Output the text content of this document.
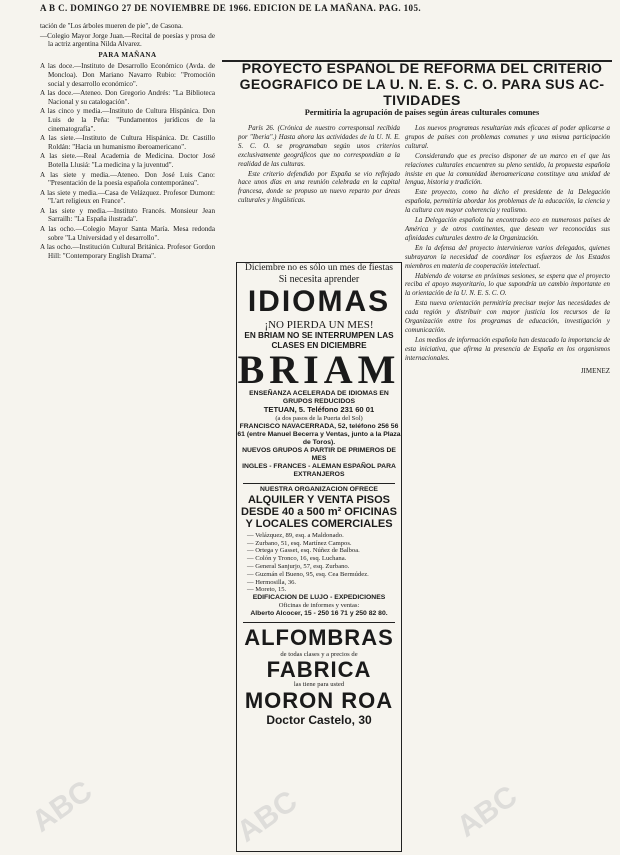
A B C. DOMINGO 27 DE NOVIEMBRE DE 1966. EDICION DE LA MAÑANA. PAG. 105.

tación de "Los árboles mueren de pie", de Casona.

—Colegio Mayor Jorge Juan.—Recital de poesías y prosa de la actriz argentina Nilda Alvarez.

PARA MAÑANA

A las doce.—Instituto de Desarrollo Económico (Avda. de Moncloa). Don Mariano Navarro Rubio: "Promoción social y desarrollo económico".

A las doce.—Ateneo. Don Gregorio Andrés: "La Biblioteca Nacional y su catalogación".

A las cinco y media.—Instituto de Cultura Hispánica. Don Luis de la Peña: "Fundamentos jurídicos de la cinematografía".

A las siete.—Instituto de Cultura Hispánica. Dr. Castillo Roldán: "Hacia un humanismo iberoamericano".

A las siete.—Real Academia de Medicina. Doctor José Botella Llusiá: "La medicina y la juventud".

A las siete y media.—Ateneo. Don José Luis Cano: "Presentación de la poesía española contemporánea".

A las siete y media.—Casa de Velázquez. Profesor Dumont: "L'art religieux en France".

A las siete y media.—Instituto Francés. Monsieur Jean Sarrailh: "La España ilustrada".

A las ocho.—Colegio Mayor Santa María. Mesa redonda sobre "La Universidad y el desarrollo".

A las ocho.—Institución Cultural Británica. Profesor Gordon Hill: "Contemporary English Drama".

PROYECTO ESPAÑOL DE REFORMA DEL CRITERIO
GEOGRAFICO DE LA U. N. E. S. C. O. PARA SUS AC-
TIVIDADES
Permitiría la agrupación de países según áreas culturales comunes

París 26. (Crónica de nuestro corresponsal recibida por "Iberia".) Hasta ahora las actividades de la U. N. E. S. C. O. se programaban según unos criterios exclusivamente geográficos que no correspondían a la realidad de las culturas.

Este criterio defendido por España se vio reflejado hace unos días en una reunión celebrada en la capital francesa, donde se propuso un nuevo reparto por áreas culturales y lingüísticas.

Los nuevos programas resultarían más eficaces al poder aplicarse a grupos de países con problemas comunes y una misma participación cultural.

Considerando que es preciso disponer de un marco en el que las relaciones culturales encuentren su pleno sentido, la propuesta española insiste en que la comunidad iberoamericana constituye una unidad de lengua, historia y tradición.

Este proyecto, como ha dicho el presidente de la Delegación española, permitiría abordar los problemas de la educación, la ciencia y la cultura con mayor coherencia y realismo.

La Delegación española ha encontrado eco en numerosos países de América y de otros continentes, que desean ver reconocidas sus afinidades culturales dentro de la Organización.

En la defensa del proyecto intervinieron varios delegados, quienes subrayaron la necesidad de coordinar los esfuerzos de los Estados miembros en materia de cooperación intelectual.

Habiendo de votarse en próximas sesiones, se espera que el proyecto reciba el apoyo mayoritario, lo que supondría un cambio importante en la orientación de la U. N. E. S. C. O.

Esta nueva orientación permitiría precisar mejor las necesidades de cada región y distribuir con mayor justicia los recursos de la Organización entre los programas de educación, investigación y comunicación.

Los medios de información española han destacado la importancia de esta iniciativa, que afirma la presencia de España en los organismos internacionales.

JIMENEZ
Diciembre no es sólo un mes de fiestas
Si necesita aprender
IDIOMAS
¡NO PIERDA UN MES!
EN BRIAM NO SE INTERRUMPEN LAS CLASES EN DICIEMBRE
BRIAM
ENSEÑANZA ACELERADA DE IDIOMAS EN GRUPOS REDUCIDOS
TETUAN, 5. Teléfono 231 60 01
(a dos pasos de la Puerta del Sol)
FRANCISCO NAVACERRADA, 52, teléfono 256 56 61 (entre Manuel Becerra y Ventas, junto a la Plaza de Toros).
NUEVOS GRUPOS A PARTIR DE PRIMEROS DE MES
INGLES - FRANCES - ALEMAN ESPAÑOL PARA EXTRANJEROS
NUESTRA ORGANIZACION OFRECE
ALQUILER Y VENTA PISOS DESDE 40 a 500 m² OFICINAS Y LOCALES COMERCIALES
— Velázquez, 89, esq. a Maldonado.
— Zurbano, 51, esq. Martínez Campos.
— Ortega y Gasset, esq. Núñez de Balboa.
— Colón y Tronco, 16, esq. Luchana.
— General Sanjurjo, 57, esq. Zurbano.
— Guzmán el Bueno, 95, esq. Cea Bermúdez.
— Hermosilla, 36.
— Moreto, 15.
EDIFICACION DE LUJO - EXPEDICIONES
Oficinas de informes y ventas:
Alberto Alcocer, 15 - 250 16 71 y 250 82 80.
ALFOMBRAS
de todas clases y a precios de
FABRICA
las tiene para usted
MORON ROA
Doctor Castelo, 30
ABC	ABC	ABC
